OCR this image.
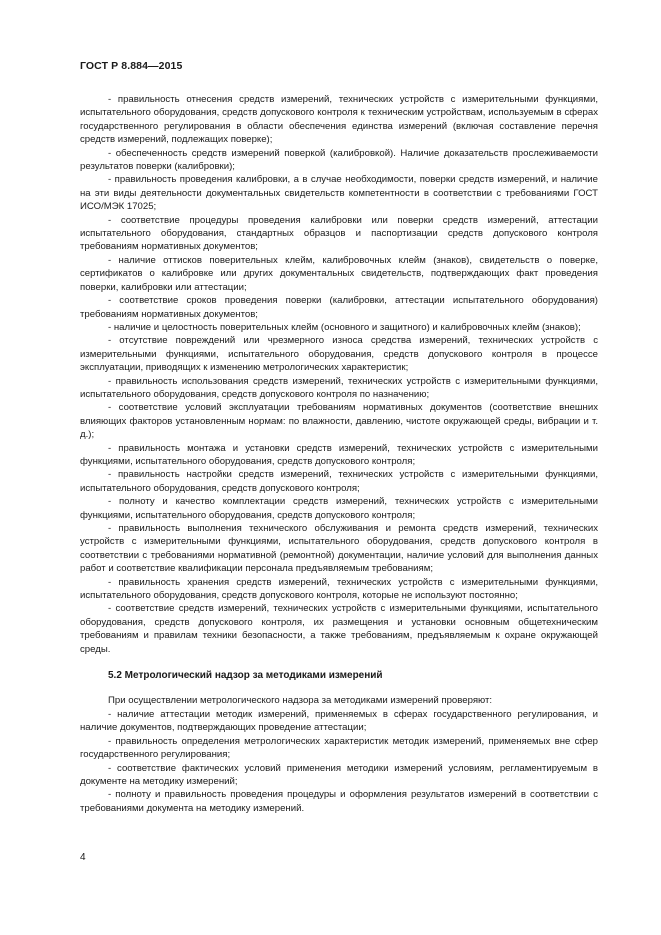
ГОСТ Р 8.884—2015

- правильность отнесения средств измерений, технических устройств с измерительными функциями, испытательного оборудования, средств допускового контроля к техническим устройствам, используемым в сферах государственного регулирования в области обеспечения единства измерений (включая составление перечня средств измерений, подлежащих поверке);

- обеспеченность средств измерений поверкой (калибровкой). Наличие доказательств прослеживаемости результатов поверки (калибровки);

- правильность проведения калибровки, а в случае необходимости, поверки средств измерений, и наличие на эти виды деятельности документальных свидетельств компетентности в соответствии с требованиями ГОСТ ИСО/МЭК 17025;

- соответствие процедуры проведения калибровки или поверки средств измерений, аттестации испытательного оборудования, стандартных образцов и паспортизации средств допускового контроля требованиям нормативных документов;

- наличие оттисков поверительных клейм, калибровочных клейм (знаков), свидетельств о поверке, сертификатов о калибровке или других документальных свидетельств, подтверждающих факт проведения поверки, калибровки или аттестации;

- соответствие сроков проведения поверки (калибровки, аттестации испытательного оборудования) требованиям нормативных документов;

- наличие и целостность поверительных клейм (основного и защитного) и калибровочных клейм (знаков);

- отсутствие повреждений или чрезмерного износа средства измерений, технических устройств с измерительными функциями, испытательного оборудования, средств допускового контроля в процессе эксплуатации, приводящих к изменению метрологических характеристик;

- правильность использования средств измерений, технических устройств с измерительными функциями, испытательного оборудования, средств допускового контроля по назначению;

- соответствие условий эксплуатации требованиям нормативных документов (соответствие внешних влияющих факторов установленным нормам: по влажности, давлению, чистоте окружающей среды, вибрации и т. д.);

- правильность монтажа и установки средств измерений, технических устройств с измерительными функциями, испытательного оборудования, средств допускового контроля;

- правильность настройки средств измерений, технических устройств с измерительными функциями, испытательного оборудования, средств допускового контроля;

- полноту и качество комплектации средств измерений, технических устройств с измерительными функциями, испытательного оборудования, средств допускового контроля;

- правильность выполнения технического обслуживания и ремонта средств измерений, технических устройств с измерительными функциями, испытательного оборудования, средств допускового контроля в соответствии с требованиями нормативной (ремонтной) документации, наличие условий для выполнения данных работ и соответствие квалификации персонала предъявляемым требованиям;

- правильность хранения средств измерений, технических устройств с измерительными функциями, испытательного оборудования, средств допускового контроля, которые не используют постоянно;

- соответствие средств измерений, технических устройств с измерительными функциями, испытательного оборудования, средств допускового контроля, их размещения и установки основным общетехническим требованиям и правилам техники безопасности, а также требованиям, предъявляемым к охране окружающей среды.

5.2 Метрологический надзор за методиками измерений

При осуществлении метрологического надзора за методиками измерений проверяют:

- наличие аттестации методик измерений, применяемых в сферах государственного регулирования, и наличие документов, подтверждающих проведение аттестации;

- правильность определения метрологических характеристик методик измерений, применяемых вне сфер государственного регулирования;

- соответствие фактических условий применения методики измерений условиям, регламентируемым в документе на методику измерений;

- полноту и правильность проведения процедуры и оформления результатов измерений в соответствии с требованиями документа на методику измерений.

4
